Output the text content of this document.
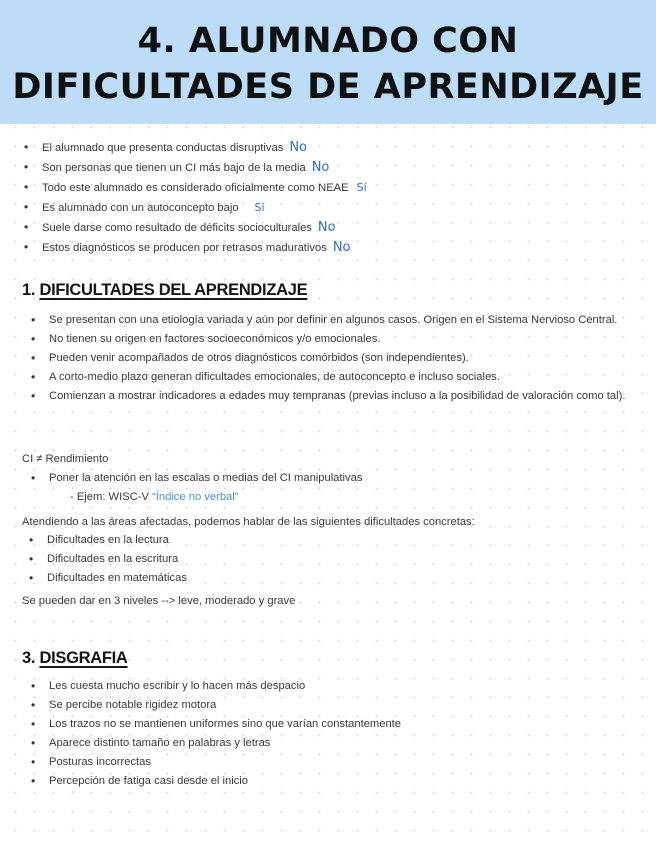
4. ALUMNADO CON
DIFICULTADES DE APRENDIZAJE
• El alumnado que presenta conductas disruptivas No
• Son personas que tienen un CI más bajo de la media No
• Todo este alumnado es considerado oficialmente como NEAE Sí
• Es alumnado con un autoconcepto bajo Sí
• Suele darse como resultado de déficits socioculturales No
• Estos diagnósticos se producen por retrasos madurativos No
1. DIFICULTADES DEL APRENDIZAJE
• Se presentan con una etiología variada y aún por definir en algunos casos. Origen en el Sistema Nervioso Central.
• No tienen su origen en factores socioeconómicos y/o emocionales.
• Pueden venir acompañados de otros diagnósticos comórbidos (son independientes).
• A corto-medio plazo generan dificultades emocionales, de autoconcepto e incluso sociales.
• Comienzan a mostrar indicadores a edades muy tempranas (previas incluso a la posibilidad de valoración como tal).
CI ≠ Rendimiento
• Poner la atención en las escalas o medias del CI manipulativas
- Ejem: WISC-V “Índice no verbal”
Atendiendo a las áreas afectadas, podemos hablar de las siguientes dificultades concretas:
• Dificultades en la lectura
• Dificultades en la escritura
• Dificultades en matemáticas
Se pueden dar en 3 niveles --> leve, moderado y grave
3. DISGRAFIA
• Les cuesta mucho escribir y lo hacen más despacio
• Se percibe notable rigidez motora
• Los trazos no se mantienen uniformes sino que varían constantemente
• Aparece distinto tamaño en palabras y letras
• Posturas incorrectas
• Percepción de fatiga casi desde el inicio
